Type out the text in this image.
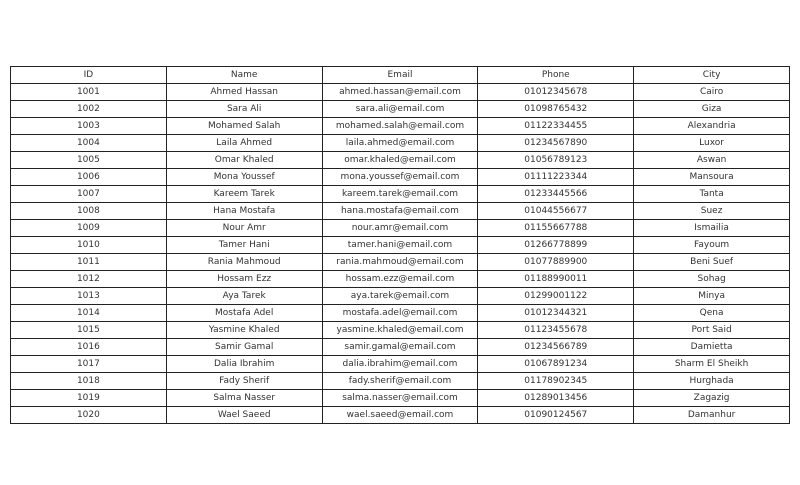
ID	Name	Email	Phone	City
1001	Ahmed Hassan	ahmed.hassan@email.com	01012345678	Cairo
1002	Sara Ali	sara.ali@email.com	01098765432	Giza
1003	Mohamed Salah	mohamed.salah@email.com	01122334455	Alexandria
1004	Laila Ahmed	laila.ahmed@email.com	01234567890	Luxor
1005	Omar Khaled	omar.khaled@email.com	01056789123	Aswan
1006	Mona Youssef	mona.youssef@email.com	01111223344	Mansoura
1007	Kareem Tarek	kareem.tarek@email.com	01233445566	Tanta
1008	Hana Mostafa	hana.mostafa@email.com	01044556677	Suez
1009	Nour Amr	nour.amr@email.com	01155667788	Ismailia
1010	Tamer Hani	tamer.hani@email.com	01266778899	Fayoum
1011	Rania Mahmoud	rania.mahmoud@email.com	01077889900	Beni Suef
1012	Hossam Ezz	hossam.ezz@email.com	01188990011	Sohag
1013	Aya Tarek	aya.tarek@email.com	01299001122	Minya
1014	Mostafa Adel	mostafa.adel@email.com	01012344321	Qena
1015	Yasmine Khaled	yasmine.khaled@email.com	01123455678	Port Said
1016	Samir Gamal	samir.gamal@email.com	01234566789	Damietta
1017	Dalia Ibrahim	dalia.ibrahim@email.com	01067891234	Sharm El Sheikh
1018	Fady Sherif	fady.sherif@email.com	01178902345	Hurghada
1019	Salma Nasser	salma.nasser@email.com	01289013456	Zagazig
1020	Wael Saeed	wael.saeed@email.com	01090124567	Damanhur
